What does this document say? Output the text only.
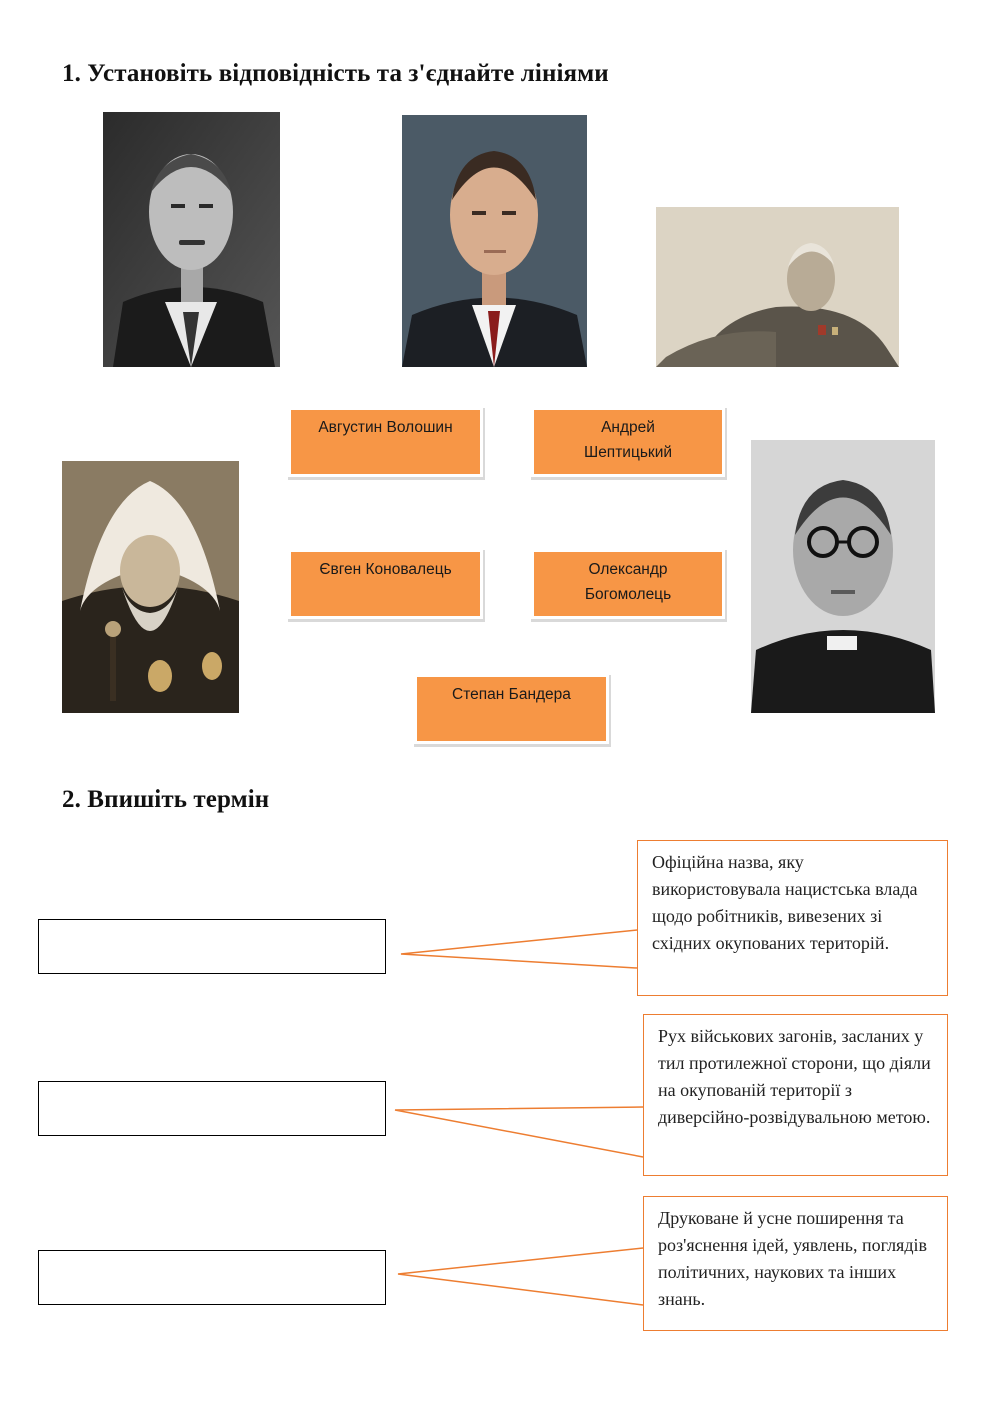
1. Установіть відповідність та з'єднайте лініями
Августин Волошин	Андрей
Шептицький
Євген Коновалець	Олександр
Богомолець
Степан Бандера
2. Впишіть термін
Офіційна назва, яку використовувала нацистська влада щодо робітників, вивезених зі східних окупованих територій.
Рух військових загонів, засланих у тил протилежної сторони, що діяли на окупованій території з диверсійно-розвідувальною метою.
Друковане й усне поширення та роз'яснення ідей, уявлень, поглядів політичних, наукових та інших знань.
